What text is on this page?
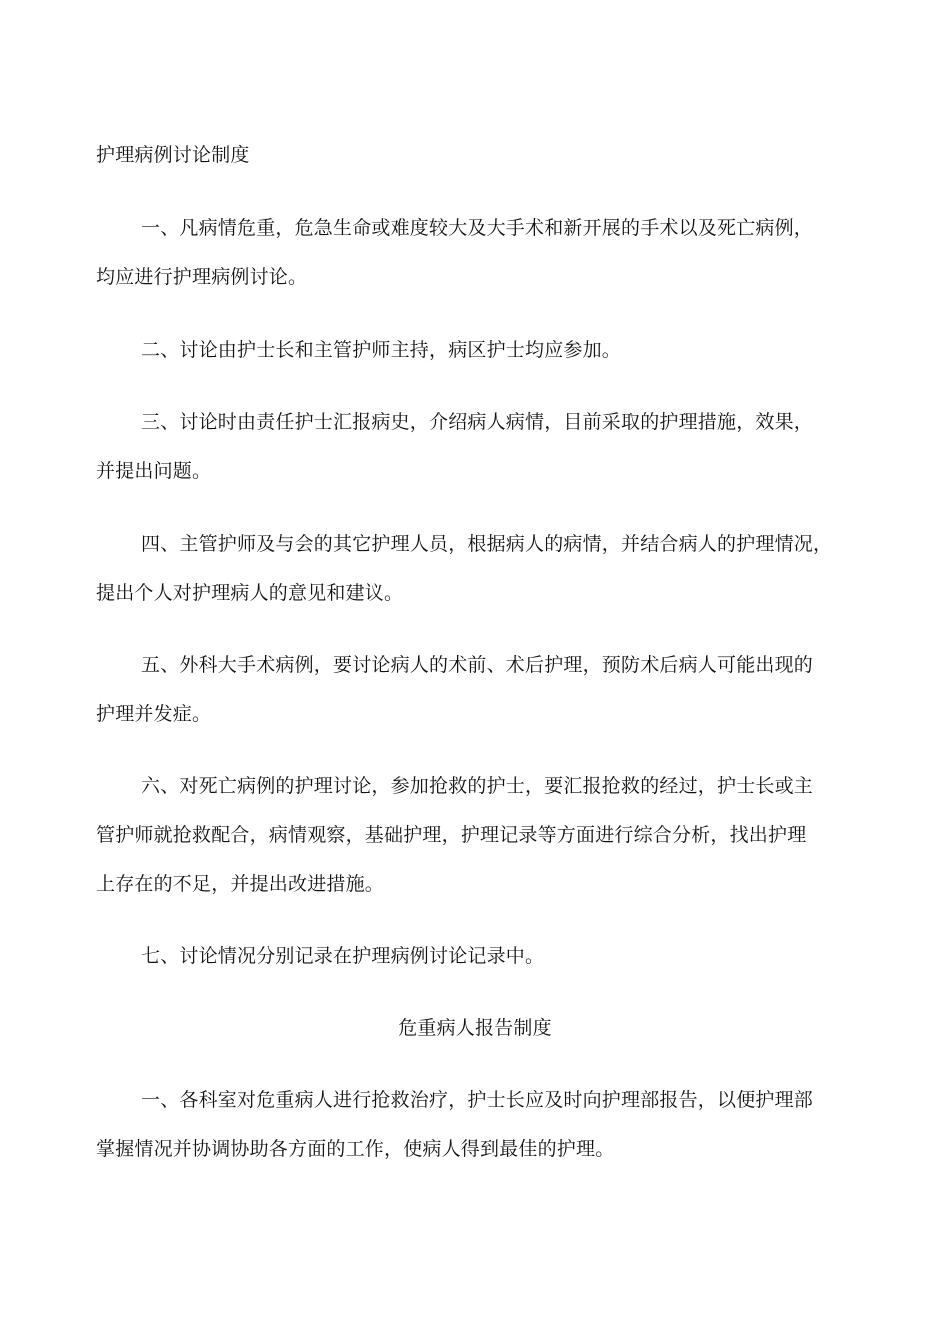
护理病例讨论制度
一、凡病情危重，危急生命或难度较大及大手术和新开展的手术以及死亡病例，
均应进行护理病例讨论。
二、讨论由护士长和主管护师主持，病区护士均应参加。
三、讨论时由责任护士汇报病史，介绍病人病情，目前采取的护理措施，效果，
并提出问题。
四、主管护师及与会的其它护理人员，根据病人的病情，并结合病人的护理情况，
提出个人对护理病人的意见和建议。
五、外科大手术病例，要讨论病人的术前、术后护理，预防术后病人可能出现的
护理并发症。
六、对死亡病例的护理讨论，参加抢救的护士，要汇报抢救的经过，护士长或主
管护师就抢救配合，病情观察，基础护理，护理记录等方面进行综合分析，找出护理
上存在的不足，并提出改进措施。
七、讨论情况分别记录在护理病例讨论记录中。
危重病人报告制度
一、各科室对危重病人进行抢救治疗，护士长应及时向护理部报告，以便护理部
掌握情况并协调协助各方面的工作，使病人得到最佳的护理。
